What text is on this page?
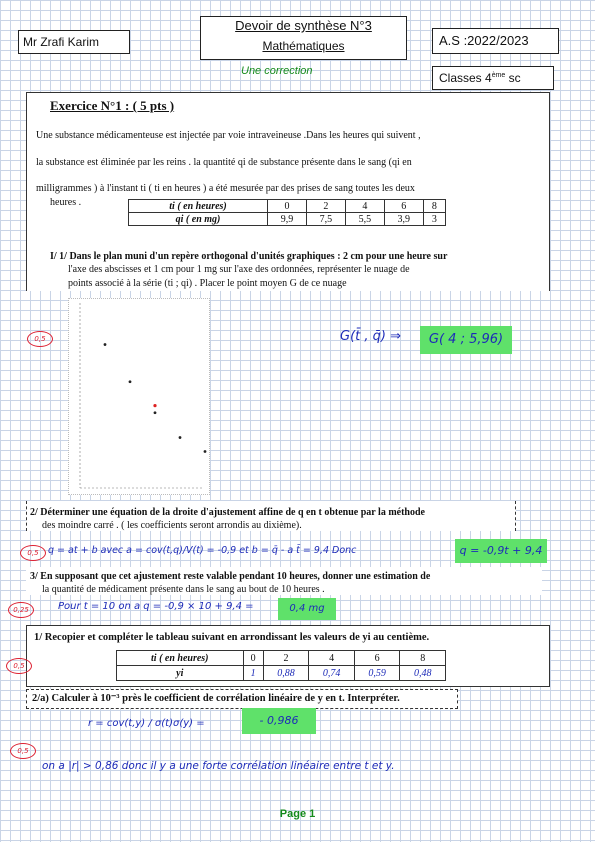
Mr Zrafi Karim
Devoir de synthèse N°3
Mathématiques
Une correction
A.S :2022/2023
Classes 4ème sc
Exercice N°1 : ( 5 pts )
Une substance médicamenteuse est injectée par voie intraveineuse .Dans les heures qui suivent ,
la substance est éliminée par les reins . la quantité qi de substance présente dans le sang (qi en
milligrammes ) à l'instant ti ( ti en heures ) a été mesurée par des prises de sang toutes les deux
heures .	ti ( en heures)	0	2	4	6	8
qi ( en mg)	9,9	7,5	5,5	3,9	3
I/ 1/ Dans le plan muni d'un repère orthogonal d'unités graphiques : 2 cm pour une heure sur
l'axe des abscisses et 1 cm pour 1 mg sur l'axe des ordonnées, représenter le nuage de
points associé à la série (ti ; qi) . Placer le point moyen G de ce nuage
0,5	G(t̄ , q̄) ⇒	G( 4 ; 5,96)
2/ Déterminer une équation de la droite d'ajustement affine de q en t obtenue par la méthode
des moindre carré . ( les coefficients seront arrondis au dixième).
0,5 q = at + b avec a = cov(t,q)/V(t) = -0,9 et b = q̄ - a t̄ = 9,4 Donc	q = -0,9t + 9,4
3/ En supposant que cet ajustement reste valable pendant 10 heures, donner une estimation de
la quantité de médicament présente dans le sang au bout de 10 heures .
0,25	Pour t = 10 on a q = -0,9 × 10 + 9,4 =	0,4 mg
1/ Recopier et compléter le tableau suivant en arrondissant les valeurs de yi au centième.
0,5
ti ( en heures)	0	2	4	6	8
yi	1	0,88	0,74	0,59	0,48
2/a) Calculer à 10⁻³ près le coefficient de corrélation linéaire de y en t. Interpréter.
r = cov(t,y) / σ(t)σ(y) =	- 0,986
0,5
on a |r| > 0,86 donc il y a une forte corrélation linéaire entre t et y.
Page 1
